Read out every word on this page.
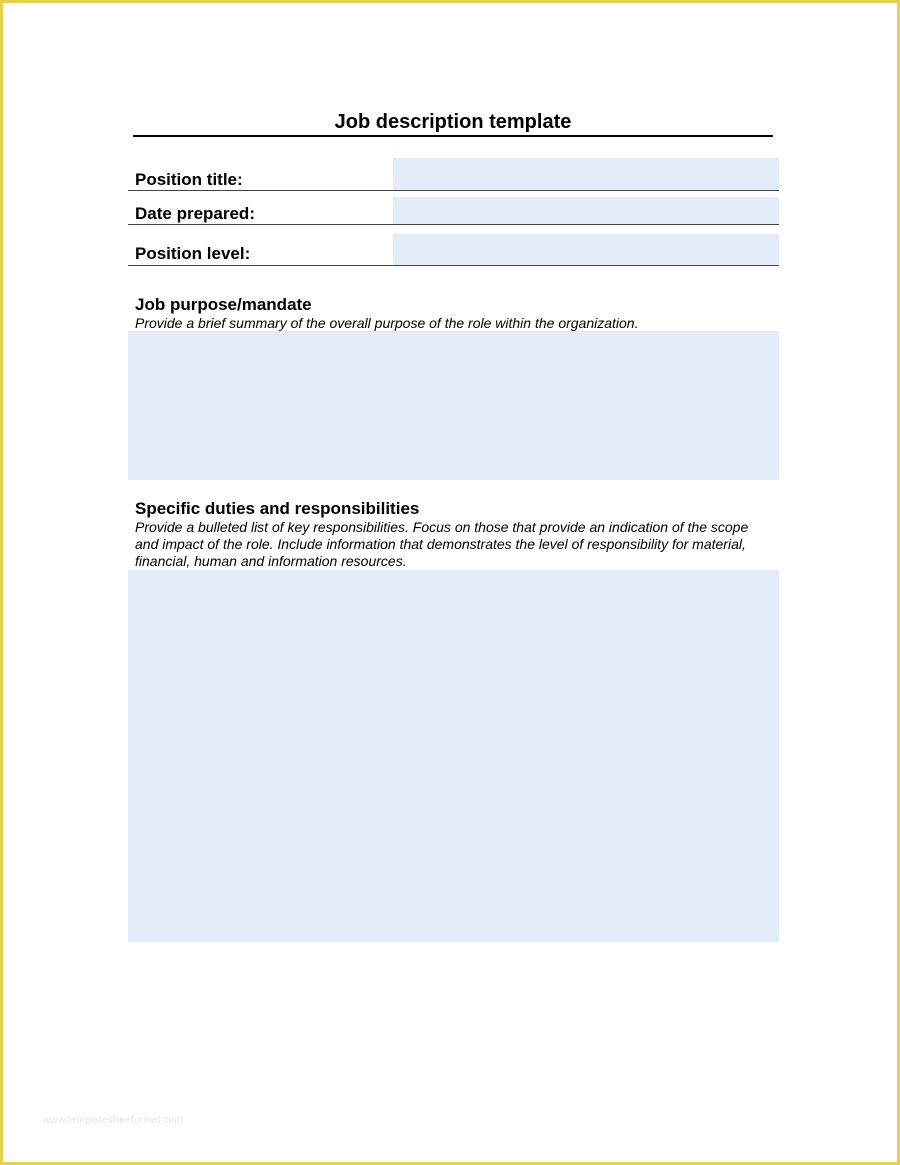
Job description template
Position title:
Date prepared:
Position level:
Job purpose/mandate
Provide a brief summary of the overall purpose of the role within the organization.
Specific duties and responsibilities
Provide a bulleted list of key responsibilities. Focus on those that provide an indication of the scope and impact of the role. Include information that demonstrates the level of responsibility for material, financial, human and information resources.
www.templatesfreeformat.com
